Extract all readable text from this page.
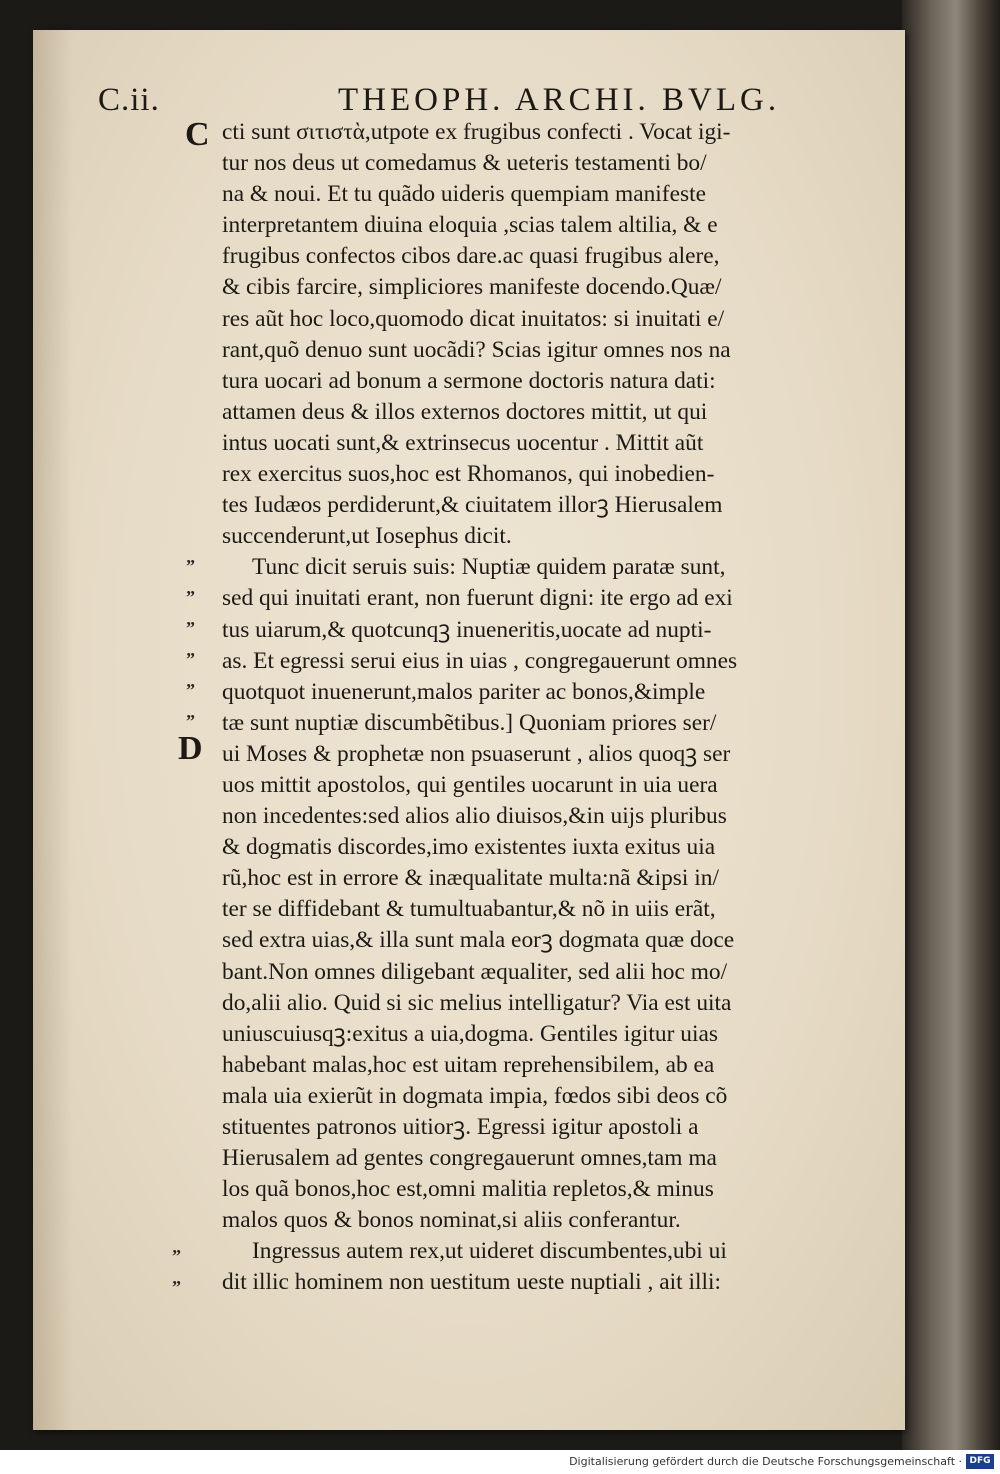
C.ii.	THEOPH. ARCHI. BVLG.
C
D
”
”
”
”
”
”
”
”
cti sunt σιτιστὰ,utpote ex frugibus confecti . Vocat igi-
tur nos deus ut comedamus & ueteris testamenti bo/
na & noui. Et tu quãdo uideris quempiam manifeste
interpretantem diuina eloquia ,scias talem altilia, & e
frugibus confectos cibos dare.ac quasi frugibus alere,
& cibis farcire, simpliciores manifeste docendo.Quæ/
res aũt hoc loco,quomodo dicat inuitatos: si inuitati e/
rant,quõ denuo sunt uocãdi? Scias igitur omnes nos na
tura uocari ad bonum a sermone doctoris natura dati:
attamen deus & illos externos doctores mittit, ut qui
intus uocati sunt,& extrinsecus uocentur . Mittit aũt
rex exercitus suos,hoc est Rhomanos, qui inobedien-
tes Iudæos perdiderunt,& ciuitatem illorꝫ Hierusalem
succenderunt,ut Iosephus dicit.
Tunc dicit seruis suis: Nuptiæ quidem paratæ sunt,
sed qui inuitati erant, non fuerunt digni: ite ergo ad exi
tus uiarum,& quotcunqꝫ inueneritis,uocate ad nupti-
as. Et egressi serui eius in uias , congregauerunt omnes
quotquot inuenerunt,malos pariter ac bonos,&imple
tæ sunt nuptiæ discumbẽtibus.] Quoniam priores ser/
ui Moses & prophetæ non psuaserunt , alios quoqꝫ ser
uos mittit apostolos, qui gentiles uocarunt in uia uera
non incedentes:sed alios alio diuisos,&in uijs pluribus
& dogmatis discordes,imo existentes iuxta exitus uia
rũ,hoc est in errore & inæqualitate multa:nã &ipsi in/
ter se diffidebant & tumultuabantur,& nõ in uiis erãt,
sed extra uias,& illa sunt mala eorꝫ dogmata quæ doce
bant.Non omnes diligebant æqualiter, sed alii hoc mo/
do,alii alio. Quid si sic melius intelligatur? Via est uita
uniuscuiusqꝫ:exitus a uia,dogma. Gentiles igitur uias
habebant malas,hoc est uitam reprehensibilem, ab ea
mala uia exierũt in dogmata impia, fœdos sibi deos cõ
stituentes patronos uitiorꝫ. Egressi igitur apostoli a
Hierusalem ad gentes congregauerunt omnes,tam ma
los quã bonos,hoc est,omni malitia repletos,& minus
malos quos & bonos nominat,si aliis conferantur.
Ingressus autem rex,ut uideret discumbentes,ubi ui
dit illic hominem non uestitum ueste nuptiali , ait illi:
Digitalisierung gefördert durch die Deutsche Forschungsgemeinschaft · DFG
